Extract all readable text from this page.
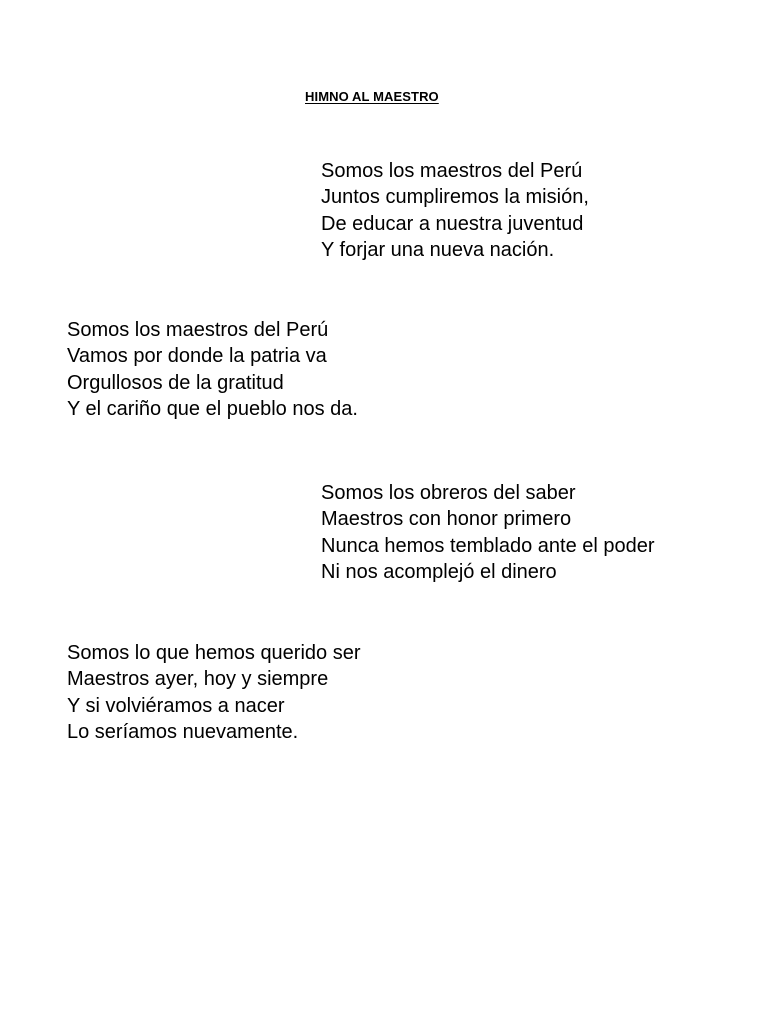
HIMNO AL MAESTRO
Somos los maestros del Perú
Juntos cumpliremos la misión,
De educar a nuestra juventud
Y forjar una nueva nación.
Somos los maestros del Perú
Vamos por donde la patria va
Orgullosos de la gratitud
Y el cariño que el pueblo nos da.
Somos los obreros del saber
Maestros con honor primero
Nunca hemos temblado ante el poder
Ni nos acomplejó el dinero
Somos lo que hemos querido ser
Maestros ayer, hoy y siempre
Y si volviéramos a nacer
Lo seríamos nuevamente.
